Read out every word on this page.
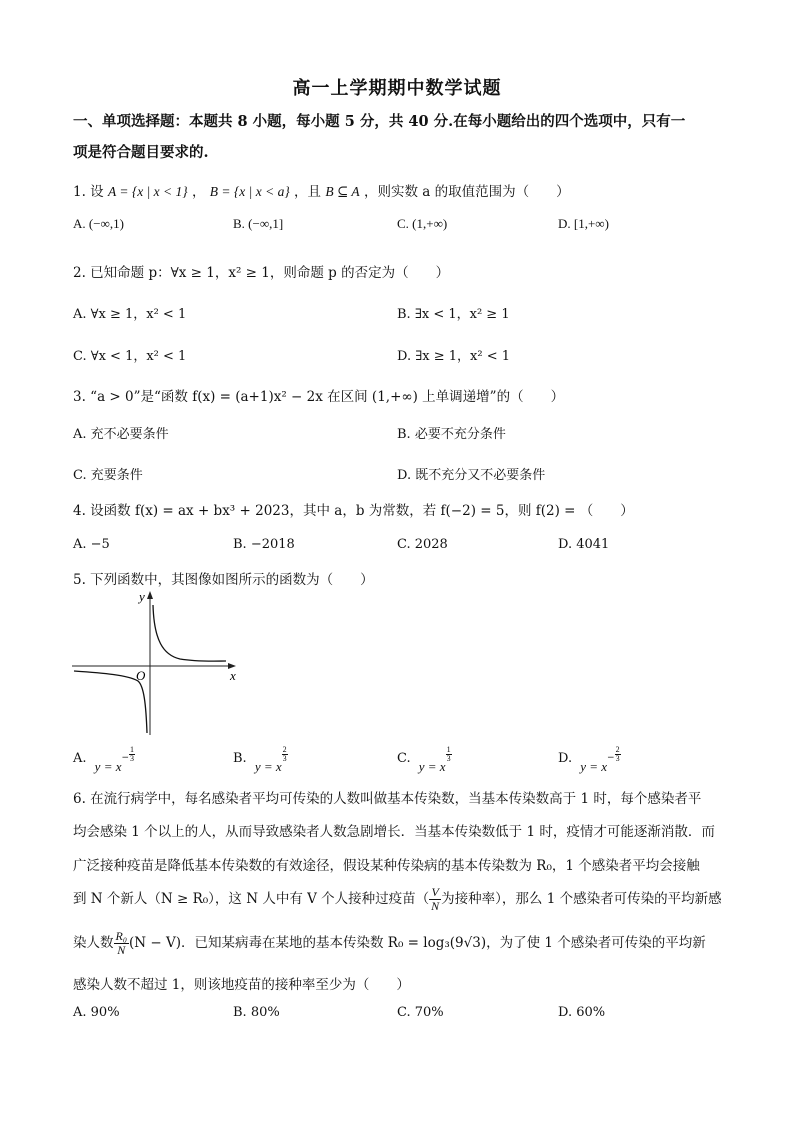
高一上学期期中数学试题
一、单项选择题：本题共 8 小题，每小题 5 分，共 40 分.在每小题给出的四个选项中，只有一
项是符合题目要求的.
1. 设 A = {x | x < 1} ， B = {x | x < a} ，且 B ⊆ A ，则实数 a 的取值范围为（　　）
A. (−∞,1)	B. (−∞,1]	C. (1,+∞)	D. [1,+∞)
2. 已知命题 p：∀x ≥ 1，x² ≥ 1，则命题 p 的否定为（　　）
A. ∀x ≥ 1，x² < 1	B. ∃x < 1，x² ≥ 1
C. ∀x < 1，x² < 1	D. ∃x ≥ 1，x² < 1
3. “a > 0”是“函数 f(x) = (a+1)x² − 2x 在区间 (1,+∞) 上单调递增”的（　　）
A. 充不必要条件	B. 必要不充分条件
C. 充要条件	D. 既不充分又不必要条件
4. 设函数 f(x) = ax + bx³ + 2023，其中 a，b 为常数，若 f(−2) = 5，则 f(2) = （　　）
A. −5	B. −2018	C. 2028	D. 4041
5. 下列函数中，其图像如图所示的函数为（　　）
y
x
O
A. $y = x- \frac{1}{3}$	B. y = x
$\frac{2}{3}$	C. y = x
$\frac{1}{3}$	D. $y = x- \frac{2}{3}$
6. 在流行病学中，每名感染者平均可传染的人数叫做基本传染数，当基本传染数高于 1 时，每个感染者平
均会感染 1 个以上的人，从而导致感染者人数急剧增长．当基本传染数低于 1 时，疫情才可能逐渐消散．而
广泛接种疫苗是降低基本传染数的有效途径，假设某种传染病的基本传染数为 R₀，1 个感染者平均会接触
到 N 个新人（N ≥ R₀），这 N 人中有 V 个人接种过疫苗（ $\frac{V}{N}$ 为接种率），那么 1 个感染者可传染的平均新感
染人数 $\frac{\text{R₀}}{N} (N - V)$．已知某病毒在某地的基本传染数 R₀ = log₃(9√3)，为了使 1 个感染者可传染的平均新
感染人数不超过 1，则该地疫苗的接种率至少为（　　）
A. 90%	B. 80%	C. 70%	D. 60%
